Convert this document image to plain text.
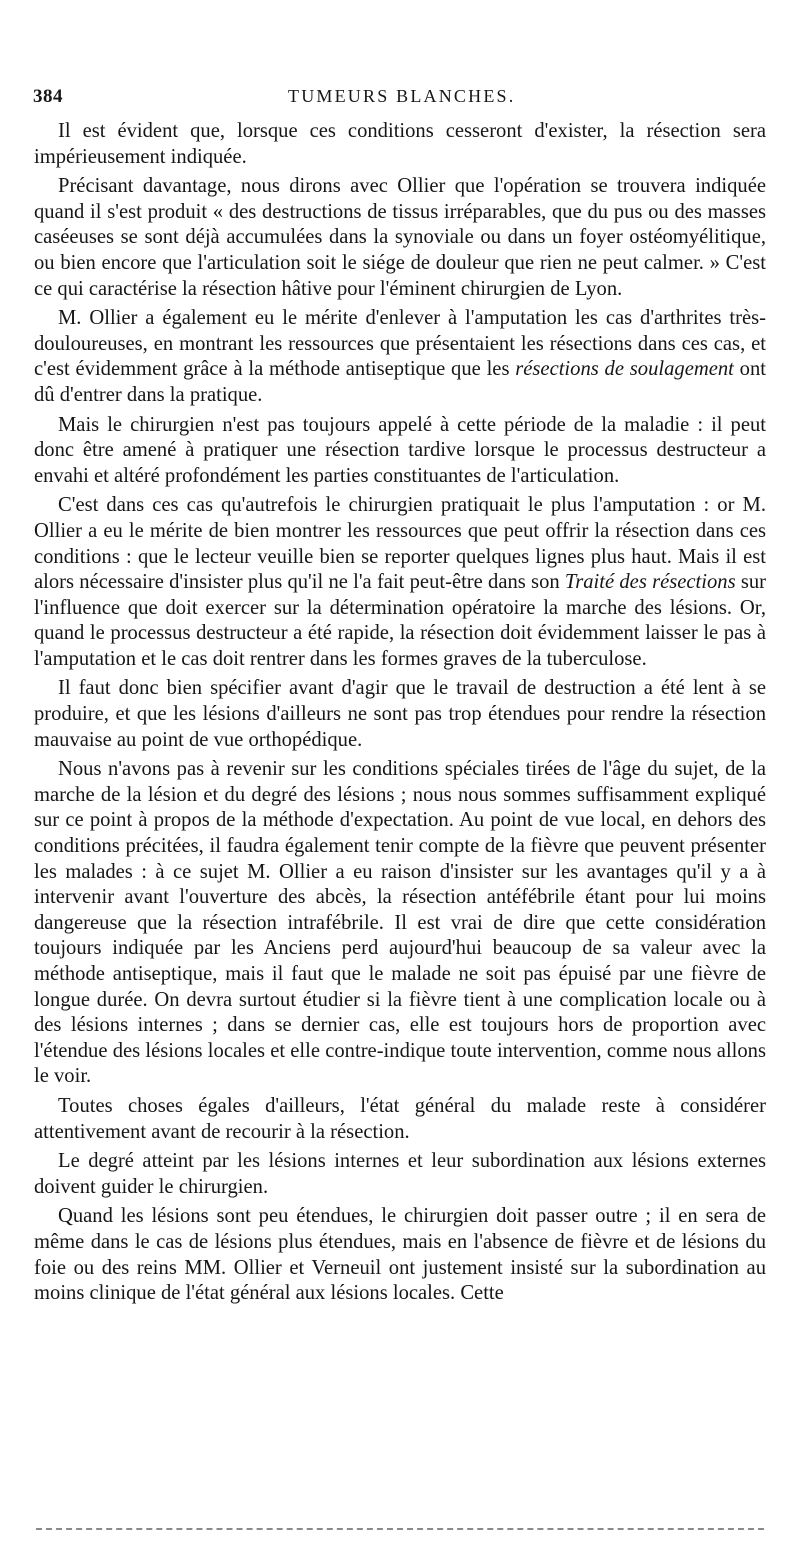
384	TUMEURS BLANCHES.

Il est évident que, lorsque ces conditions cesseront d'exister, la résection sera impérieusement indiquée.

Précisant davantage, nous dirons avec Ollier que l'opération se trouvera indiquée quand il s'est produit « des destructions de tissus irréparables, que du pus ou des masses caséeuses se sont déjà accumulées dans la synoviale ou dans un foyer ostéomyélitique, ou bien encore que l'articulation soit le siége de douleur que rien ne peut calmer. » C'est ce qui caractérise la résection hâtive pour l'éminent chirurgien de Lyon.

M. Ollier a également eu le mérite d'enlever à l'amputation les cas d'arthrites très-douloureuses, en montrant les ressources que présentaient les résections dans ces cas, et c'est évidemment grâce à la méthode antiseptique que les résections de soulagement ont dû d'entrer dans la pratique.

Mais le chirurgien n'est pas toujours appelé à cette période de la maladie : il peut donc être amené à pratiquer une résection tardive lorsque le processus destructeur a envahi et altéré profondément les parties constituantes de l'articulation.

C'est dans ces cas qu'autrefois le chirurgien pratiquait le plus l'amputation : or M. Ollier a eu le mérite de bien montrer les ressources que peut offrir la résection dans ces conditions : que le lecteur veuille bien se reporter quelques lignes plus haut. Mais il est alors nécessaire d'insister plus qu'il ne l'a fait peut-être dans son Traité des résections sur l'influence que doit exercer sur la détermination opératoire la marche des lésions. Or, quand le processus destructeur a été rapide, la résection doit évidemment laisser le pas à l'amputation et le cas doit rentrer dans les formes graves de la tuberculose.

Il faut donc bien spécifier avant d'agir que le travail de destruction a été lent à se produire, et que les lésions d'ailleurs ne sont pas trop étendues pour rendre la résection mauvaise au point de vue orthopédique.

Nous n'avons pas à revenir sur les conditions spéciales tirées de l'âge du sujet, de la marche de la lésion et du degré des lésions ; nous nous sommes suffisamment expliqué sur ce point à propos de la méthode d'expectation. Au point de vue local, en dehors des conditions précitées, il faudra également tenir compte de la fièvre que peuvent présenter les malades : à ce sujet M. Ollier a eu raison d'insister sur les avantages qu'il y a à intervenir avant l'ouverture des abcès, la résection antéfébrile étant pour lui moins dangereuse que la résection intrafébrile. Il est vrai de dire que cette considération toujours indiquée par les Anciens perd aujourd'hui beaucoup de sa valeur avec la méthode antiseptique, mais il faut que le malade ne soit pas épuisé par une fièvre de longue durée. On devra surtout étudier si la fièvre tient à une complication locale ou à des lésions internes ; dans se dernier cas, elle est toujours hors de proportion avec l'étendue des lésions locales et elle contre-indique toute intervention, comme nous allons le voir.

Toutes choses égales d'ailleurs, l'état général du malade reste à considérer attentivement avant de recourir à la résection.

Le degré atteint par les lésions internes et leur subordination aux lésions externes doivent guider le chirurgien.

Quand les lésions sont peu étendues, le chirurgien doit passer outre ; il en sera de même dans le cas de lésions plus étendues, mais en l'absence de fièvre et de lésions du foie ou des reins MM. Ollier et Verneuil ont justement insisté sur la subordination au moins clinique de l'état général aux lésions locales. Cette
